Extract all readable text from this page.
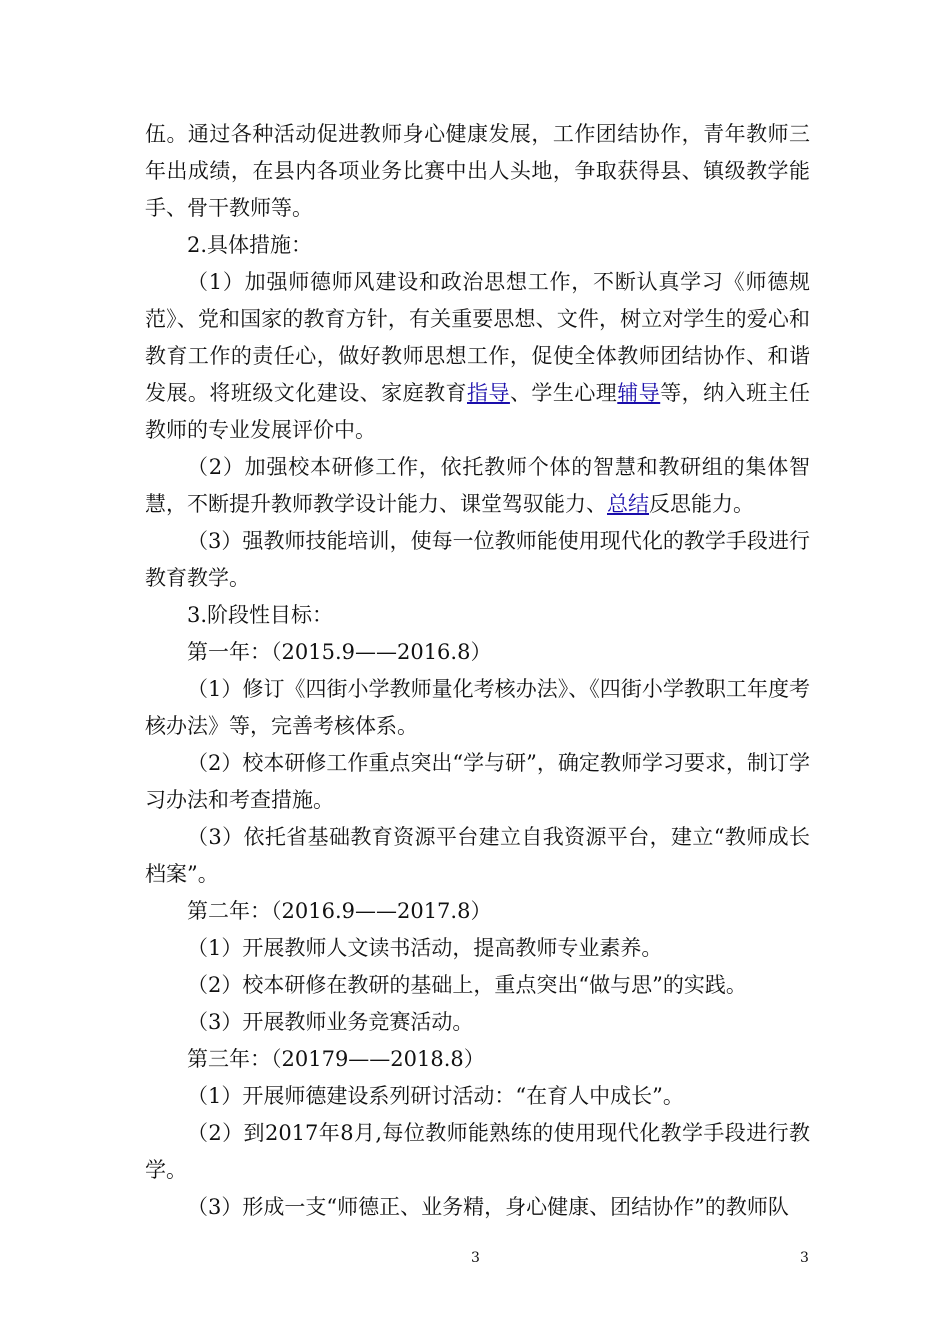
伍。通过各种活动促进教师身心健康发展，工作团结协作，青年教师三年出成绩，在县内各项业务比赛中出人头地，争取获得县、镇级教学能手、骨干教师等。

2.具体措施：

（1）加强师德师风建设和政治思想工作，不断认真学习《师德规范》、党和国家的教育方针，有关重要思想、文件，树立对学生的爱心和教育工作的责任心，做好教师思想工作，促使全体教师团结协作、和谐发展。将班级文化建设、家庭教育指导、学生心理辅导等，纳入班主任教师的专业发展评价中。

（2）加强校本研修工作，依托教师个体的智慧和教研组的集体智慧，不断提升教师教学设计能力、课堂驾驭能力、总结反思能力。

（3）强教师技能培训，使每一位教师能使用现代化的教学手段进行教育教学。

3.阶段性目标：

第一年：（2015.9——2016.8）

（1）修订《四街小学教师量化考核办法》、《四街小学教职工年度考核办法》等，完善考核体系。

（2）校本研修工作重点突出“学与研”，确定教师学习要求，制订学习办法和考查措施。

（3）依托省基础教育资源平台建立自我资源平台，建立“教师成长档案”。

第二年：（2016.9——2017.8）

（1）开展教师人文读书活动，提高教师专业素养。

（2）校本研修在教研的基础上，重点突出“做与思”的实践。

（3）开展教师业务竞赛活动。

第三年：（20179——2018.8）

（1）开展师德建设系列研讨活动：“在育人中成长”。

（2）到2017年8月,每位教师能熟练的使用现代化教学手段进行教学。

（3）形成一支“师德正、业务精，身心健康、团结协作”的教师队

3	3
